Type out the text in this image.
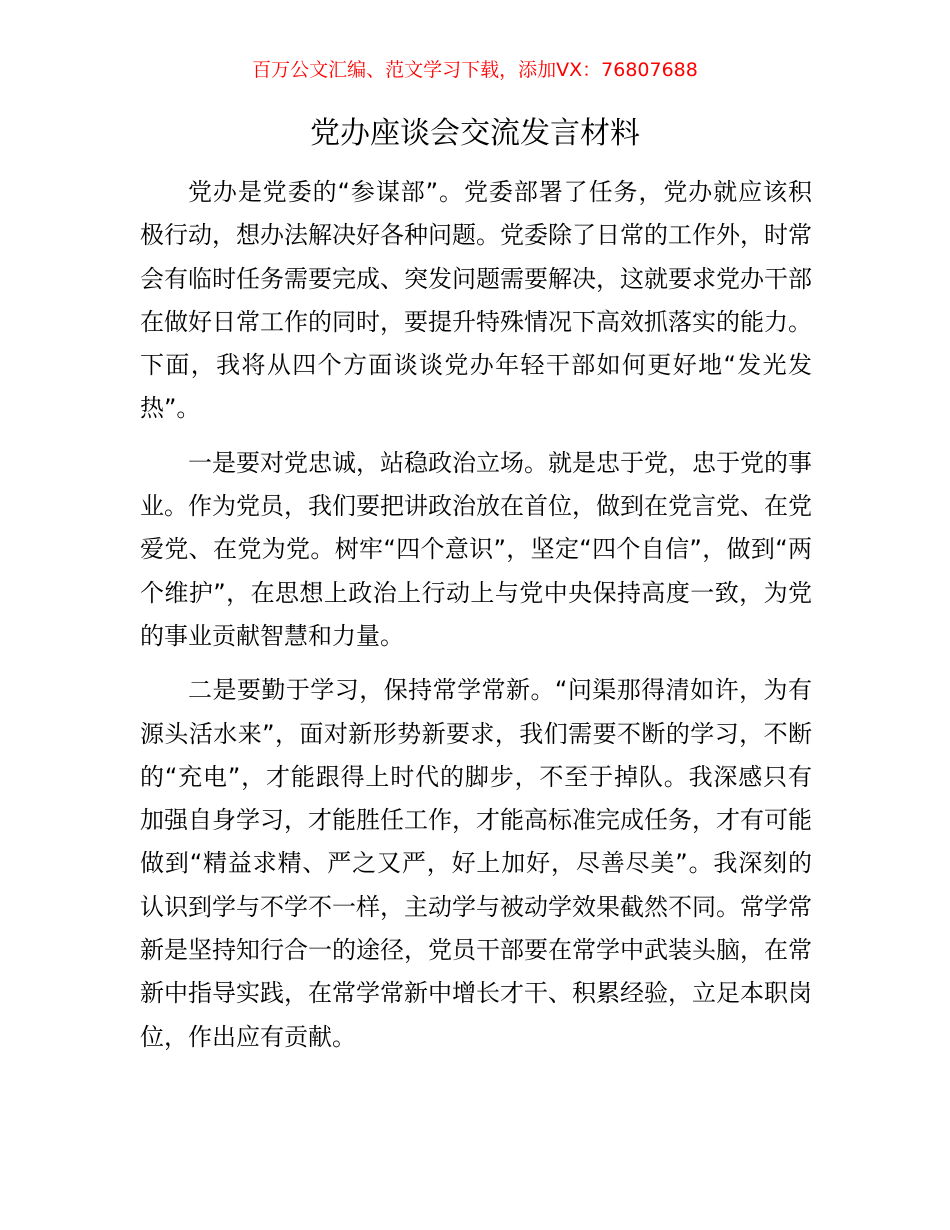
百万公文汇编、范文学习下载，添加VX：76807688
党办座谈会交流发言材料

党办是党委的“参谋部”。党委部署了任务，党办就应该积极行动，想办法解决好各种问题。党委除了日常的工作外，时常会有临时任务需要完成、突发问题需要解决，这就要求党办干部在做好日常工作的同时，要提升特殊情况下高效抓落实的能力。下面，我将从四个方面谈谈党办年轻干部如何更好地“发光发热”。

一是要对党忠诚，站稳政治立场。就是忠于党，忠于党的事业。作为党员，我们要把讲政治放在首位，做到在党言党、在党爱党、在党为党。树牢“四个意识”，坚定“四个自信”，做到“两个维护”，在思想上政治上行动上与党中央保持高度一致，为党的事业贡献智慧和力量。

二是要勤于学习，保持常学常新。“问渠那得清如许，为有源头活水来”，面对新形势新要求，我们需要不断的学习，不断的“充电”，才能跟得上时代的脚步，不至于掉队。我深感只有加强自身学习，才能胜任工作，才能高标准完成任务，才有可能做到“精益求精、严之又严，好上加好，尽善尽美”。我深刻的认识到学与不学不一样，主动学与被动学效果截然不同。常学常新是坚持知行合一的途径，党员干部要在常学中武装头脑，在常新中指导实践，在常学常新中增长才干、积累经验，立足本职岗位，作出应有贡献。
